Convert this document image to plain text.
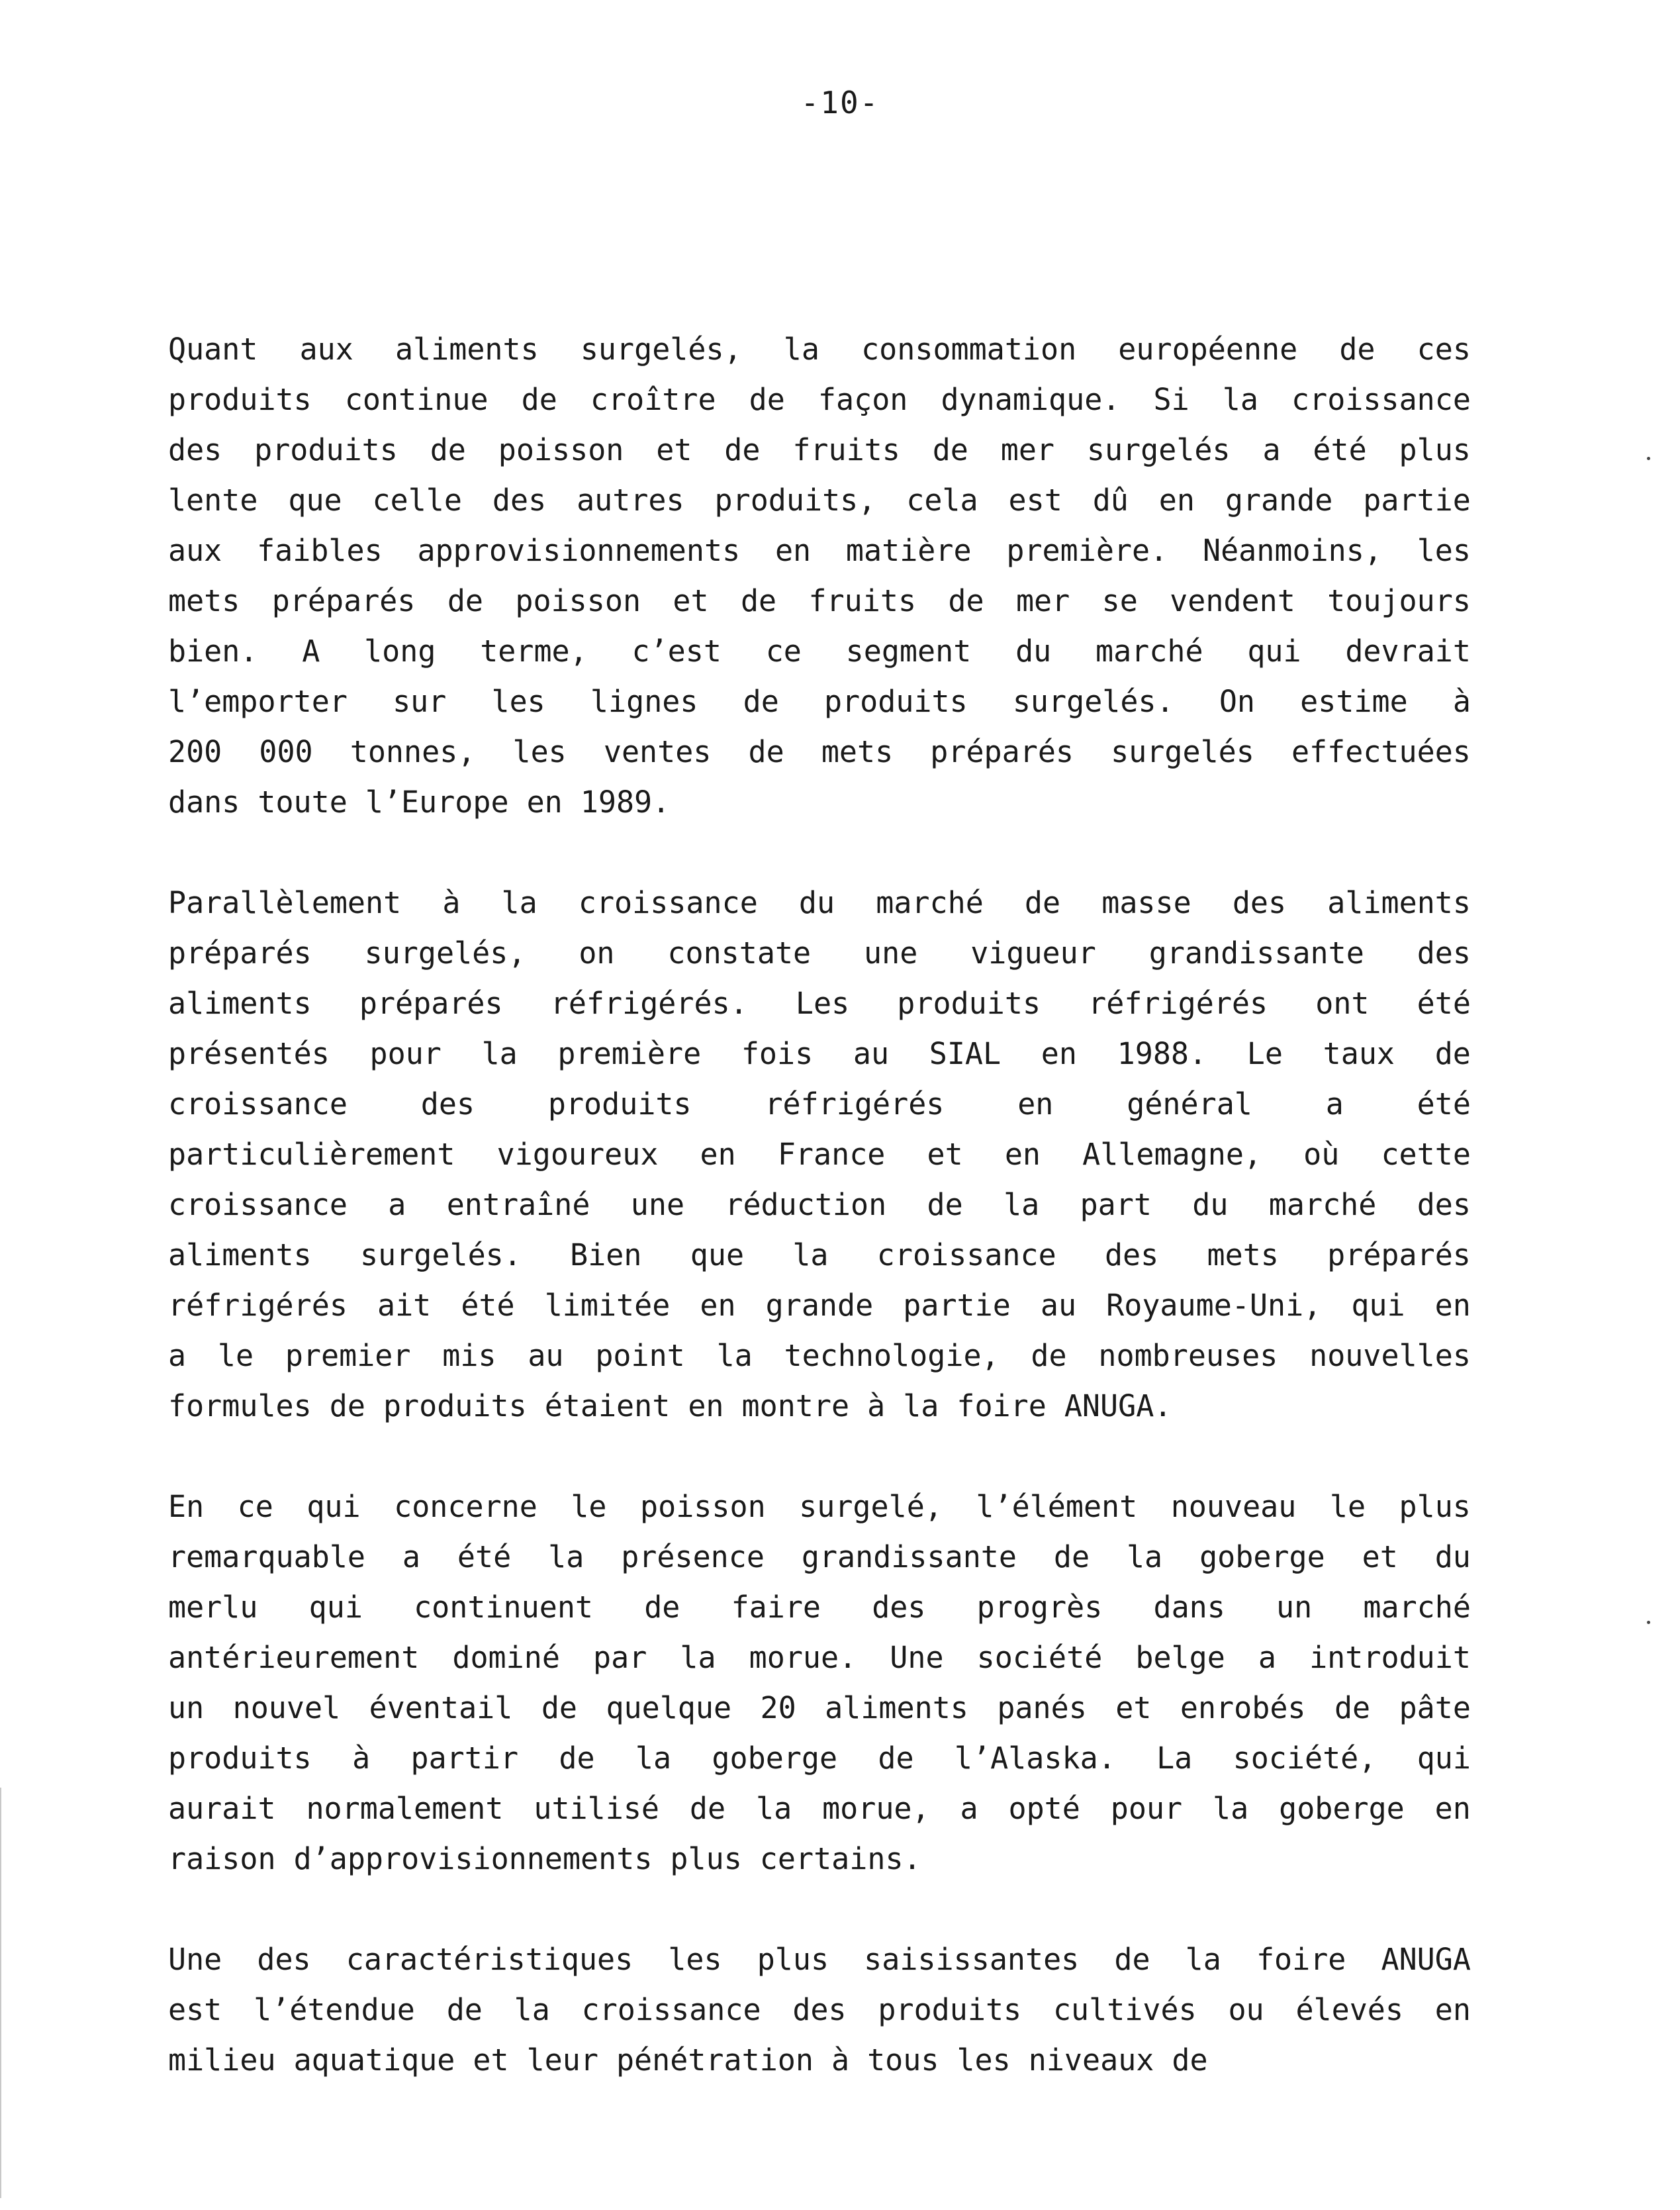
-10-
Quant aux aliments surgelés, la consommation européenne de ces
produits continue de croître de façon dynamique. Si la croissance
des produits de poisson et de fruits de mer surgelés a été plus
lente que celle des autres produits, cela est dû en grande partie
aux faibles approvisionnements en matière première. Néanmoins, les
mets préparés de poisson et de fruits de mer se vendent toujours
bien. A long terme, c’est ce segment du marché qui devrait
l’emporter sur les lignes de produits surgelés. On estime à
200 000 tonnes, les ventes de mets préparés surgelés effectuées
dans toute l’Europe en 1989.
Parallèlement à la croissance du marché de masse des aliments
préparés surgelés, on constate une vigueur grandissante des
aliments préparés réfrigérés. Les produits réfrigérés ont été
présentés pour la première fois au SIAL en 1988. Le taux de
croissance des produits réfrigérés en général a été
particulièrement vigoureux en France et en Allemagne, où cette
croissance a entraîné une réduction de la part du marché des
aliments surgelés. Bien que la croissance des mets préparés
réfrigérés ait été limitée en grande partie au Royaume-Uni, qui en
a le premier mis au point la technologie, de nombreuses nouvelles
formules de produits étaient en montre à la foire ANUGA.
En ce qui concerne le poisson surgelé, l’élément nouveau le plus
remarquable a été la présence grandissante de la goberge et du
merlu qui continuent de faire des progrès dans un marché
antérieurement dominé par la morue. Une société belge a introduit
un nouvel éventail de quelque 20 aliments panés et enrobés de pâte
produits à partir de la goberge de l’Alaska. La société, qui
aurait normalement utilisé de la morue, a opté pour la goberge en
raison d’approvisionnements plus certains.
Une des caractéristiques les plus saisissantes de la foire ANUGA
est l’étendue de la croissance des produits cultivés ou élevés en
milieu aquatique et leur pénétration à tous les niveaux de
